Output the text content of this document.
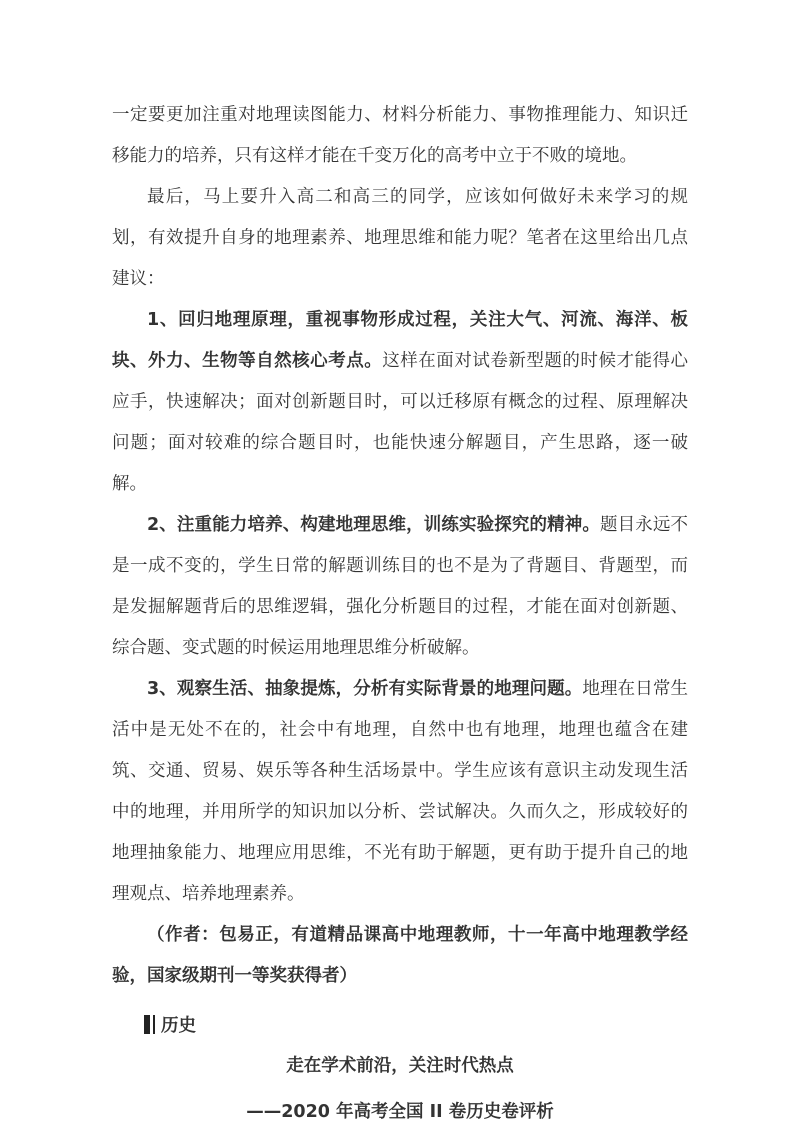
一定要更加注重对地理读图能力、材料分析能力、事物推理能力、知识迁移能力的培养，只有这样才能在千变万化的高考中立于不败的境地。

最后，马上要升入高二和高三的同学，应该如何做好未来学习的规划，有效提升自身的地理素养、地理思维和能力呢？笔者在这里给出几点建议：

1、回归地理原理，重视事物形成过程，关注大气、河流、海洋、板块、外力、生物等自然核心考点。这样在面对试卷新型题的时候才能得心应手，快速解决；面对创新题目时，可以迁移原有概念的过程、原理解决问题；面对较难的综合题目时，也能快速分解题目，产生思路，逐一破解。

2、注重能力培养、构建地理思维，训练实验探究的精神。题目永远不是一成不变的，学生日常的解题训练目的也不是为了背题目、背题型，而是发掘解题背后的思维逻辑，强化分析题目的过程，才能在面对创新题、综合题、变式题的时候运用地理思维分析破解。

3、观察生活、抽象提炼，分析有实际背景的地理问题。地理在日常生活中是无处不在的，社会中有地理，自然中也有地理，地理也蕴含在建筑、交通、贸易、娱乐等各种生活场景中。学生应该有意识主动发现生活中的地理，并用所学的知识加以分析、尝试解决。久而久之，形成较好的地理抽象能力、地理应用思维，不光有助于解题，更有助于提升自己的地理观点、培养地理素养。

（作者：包易正，有道精品课高中地理教师，十一年高中地理教学经验，国家级期刊一等奖获得者）

历史

走在学术前沿，关注时代热点

——2020 年高考全国 II 卷历史卷评析
